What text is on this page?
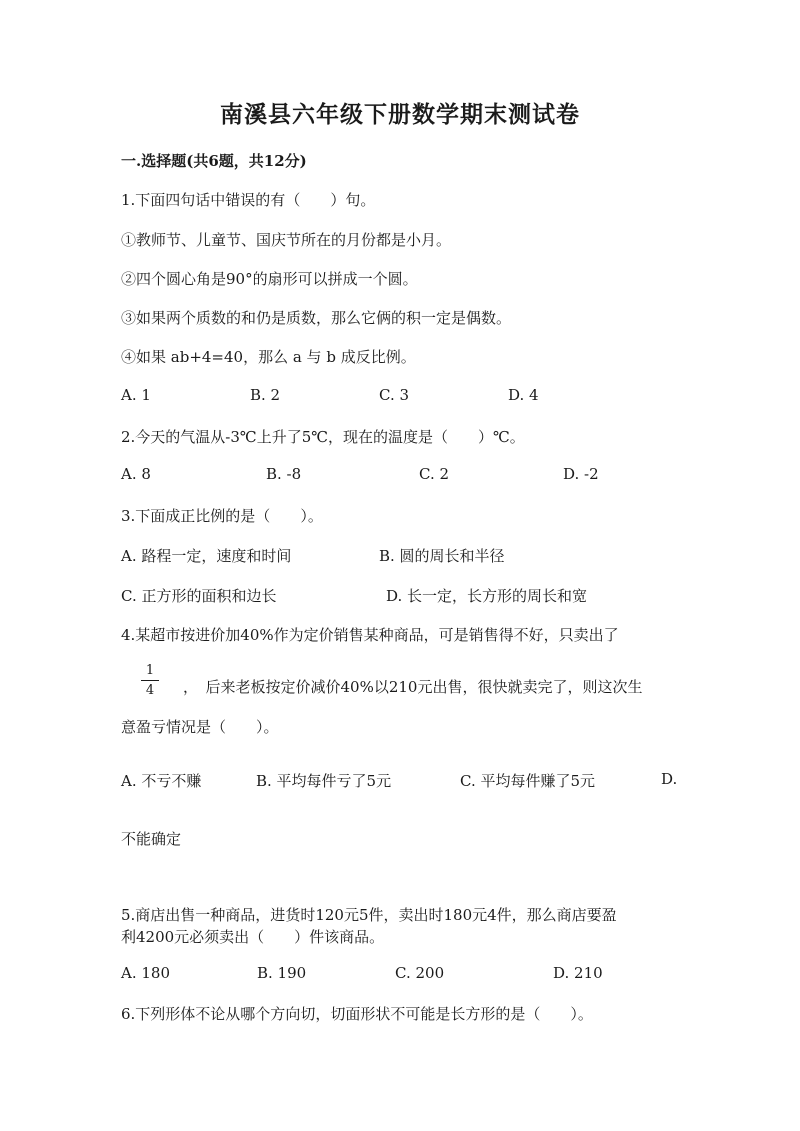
南溪县六年级下册数学期末测试卷
一.选择题(共6题，共12分)
1.下面四句话中错误的有（　　）句。
①教师节、儿童节、国庆节所在的月份都是小月。
②四个圆心角是90°的扇形可以拼成一个圆。
③如果两个质数的和仍是质数，那么它俩的积一定是偶数。
④如果 ab+4=40，那么 a 与 b 成反比例。
A. 1	B. 2	C. 3	D. 4
2.今天的气温从-3℃上升了5℃，现在的温度是（　　）℃。
A. 8	B. -8	C. 2	D. -2
3.下面成正比例的是（　　）。
A. 路程一定，速度和时间	B. 圆的周长和半径
C. 正方形的面积和边长	D. 长一定，长方形的周长和宽
4.某超市按进价加40%作为定价销售某种商品，可是销售得不好，只卖出了
1
4	，　后来老板按定价减价40%以210元出售，很快就卖完了，则这次生
意盈亏情况是（　　）。
A. 不亏不赚	B. 平均每件亏了5元	C. 平均每件赚了5元	D.
不能确定
5.商店出售一种商品，进货时120元5件，卖出时180元4件，那么商店要盈
利4200元必须卖出（　　）件该商品。
A. 180	B. 190	C. 200	D. 210
6.下列形体不论从哪个方向切，切面形状不可能是长方形的是（　　）。
